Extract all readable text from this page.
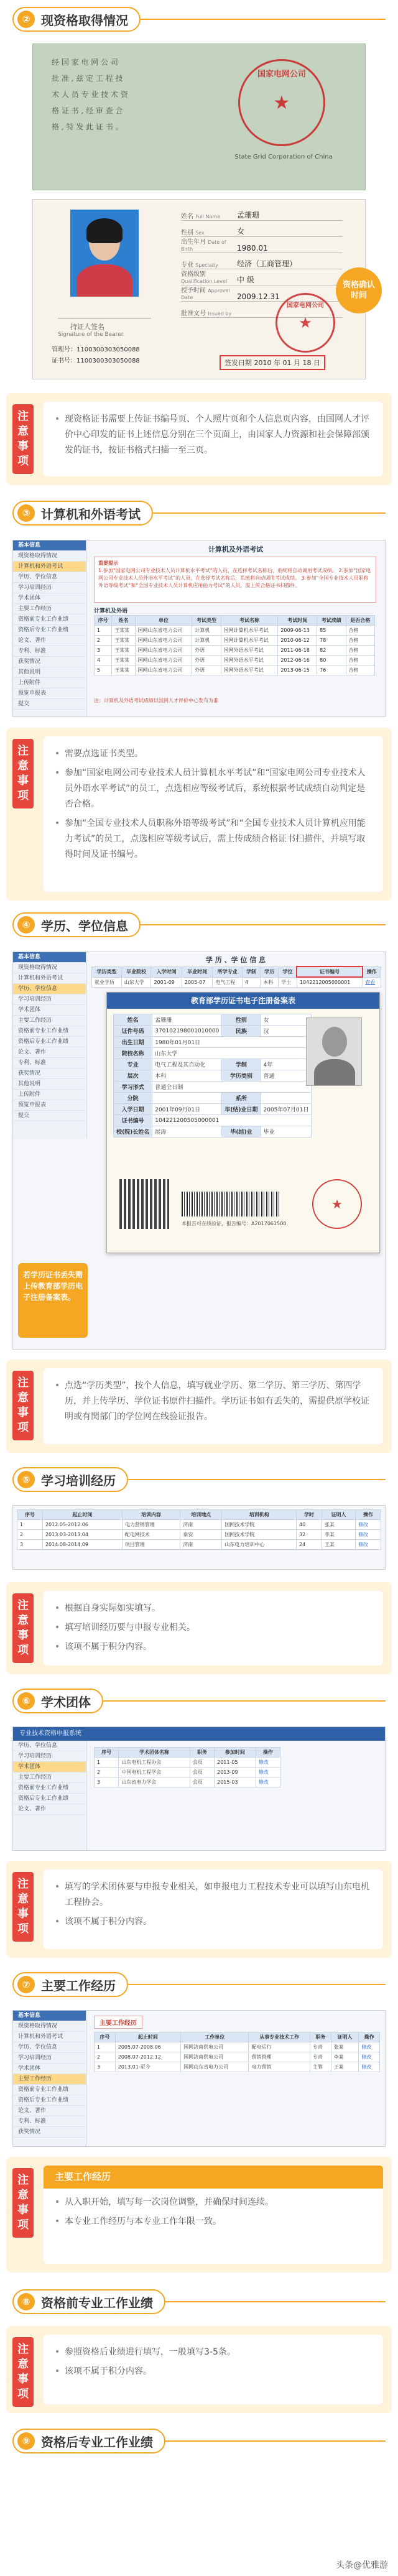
② 现资格取得情况
经 国 家 电 网 公 司
批 准 , 兹 定 工 程 技
术 人 员 专 业 技 术 资
格 证 书 , 经 审 查 合
格 , 特 发 此 证 书 。
★
国家电网公司
State Grid Corporation of China
持证人签名
Signature of the Bearer
姓名 Full Name	孟珊珊
性别 Sex	女
出生年月 Date of Birth	1980.01
专业 Specialty	经济（工商管理）
资格级别 Qualification Level	中 级
授予时间 Approval Date	2009.12.31
批准文号 Issued by
★
国家电网公司
管理号：1100300303050088
证书号：1100300303050088	签发日期 2010 年 01 月 18 日
资格确认时间
注意事项

• 现资格证书需要上传证书编号页、个人照片页和个人信息页内容，由国网人才评价中心印发的证书上述信息分别在三个页面上，由国家人力资源和社会保障部颁发的证书，按证书格式扫描一至三页。

③ 计算机和外语考试
基本信息
现资格取得情况
计算机和外语考试
学历、学位信息
学习培训经历
学术团体
主要工作经历
资格前专业工作业绩
资格后专业工作业绩
论文、著作
专利、标准
获奖情况
其他说明
上传附件
预览申报表
提交
计算机及外语考试
重要提示
1.参加“国家电网公司专业技术人员计算机水平考试”的人员，在选择考试名称后，系统将自动调用考试成绩。 2.参加“国家电网公司专业技术人员外语水平考试”的人员，在选择考试名称后，系统将自动调用考试成绩。 3.参加“全国专业技术人员职称外语等级考试”和“全国专业技术人员计算机应用能力考试”的人员，需上传合格证书扫描件。
计算机及外语
序号	姓名	单位	考试类型	考试名称	考试时间	考试成绩	是否合格
1	王某某	国网山东省电力公司	计算机	国网计算机水平考试	2009-06-13	85	合格
2	王某某	国网山东省电力公司	计算机	国网计算机水平考试	2010-06-12	78	合格
3	王某某	国网山东省电力公司	外语	国网外语水平考试	2011-06-18	82	合格
4	王某某	国网山东省电力公司	外语	国网外语水平考试	2012-06-16	80	合格
5	王某某	国网山东省电力公司	外语	国网外语水平考试	2013-06-15	76	合格
注：计算机及外语考试成绩以国网人才评价中心发布为准
注意事项

• 需要点选证书类型。

• 参加“国家电网公司专业技术人员计算机水平考试”和“国家电网公司专业技术人员外语水平考试”的员工，点选相应等级考试后，系统根据考试成绩自动判定是否合格。

• 参加“全国专业技术人员职称外语等级考试”和“全国专业技术人员计算机应用能力考试”的员工，点选相应等级考试后，需上传成绩合格证书扫描件，并填写取得时间及证书编号。

④ 学历、学位信息
基本信息
现资格取得情况
计算机和外语考试
学历、学位信息
学习培训经历
学术团体
主要工作经历
资格前专业工作业绩
资格后专业工作业绩
论文、著作
专利、标准
获奖情况
其他说明
上传附件
预览申报表
提交
学 历 、学 位 信 息
学历类型	毕业院校	入学时间	毕业时间	所学专业	学制	学历	学位	证书编号	操作
就业学历	山东大学	2001-09	2005-07	电气工程	4	本科	学士	1042212005000001	查看
教育部学历证书电子注册备案表
姓名	孟珊珊	性别	女
证件号码	370102198001010000	民族	汉
出生日期	1980年01月01日		
院校名称	山东大学		
专业	电气工程及其自动化	学制	4年
层次	本科	学历类别	普通
学习形式	普通全日制		
分院		系所	
入学日期	2001年09月01日	毕(结)业日期	2005年07月01日
证书编号	104221200505000001		
校(院)长姓名	展涛	毕(结)业	毕业
本报告可在线验证，报告编号：A2017061500
★
若学历证书丢失需上传教育部学历电子注册备案表。
注意事项

• 点选“学历类型”，按个人信息，填写就业学历、第二学历、第三学历、第四学历，并上传学历、学位证书原件扫描件。学历证书如有丢失的，需提供原学校证明或有関部门的学位网在线验证报告。

⑤ 学习培训经历
序号	起止时间	培训内容	培训地点	培训机构	学时	证明人	操作
1	2012.05-2012.06	电力营销管理	济南	国网技术学院	40	张某	修改
2	2013.03-2013.04	配电网技术	泰安	国网技术学院	32	李某	修改
3	2014.08-2014.09	项目管理	济南	山东电力培训中心	24	王某	修改
注意事项

• 根据自身实际如实填写。

• 填写培训经历要与申报专业相关。

• 该项不属于积分内容。

⑥ 学术团体
专业技术资格申报系统
学历、学位信息
学习培训经历
学术团体
主要工作经历
资格前专业工作业绩
资格后专业工作业绩
论文、著作
序号	学术团体名称	职务	参加时间	操作
1	山东电机工程协会	会员	2011-05	修改
2	中国电机工程学会	会员	2013-09	修改
3	山东省电力学会	会员	2015-03	修改
注意事项

• 填写的学术团体要与申报专业相关，如申报电力工程技术专业可以填写山东电机工程协会。

• 该项不属于积分内容。

⑦ 主要工作经历
基本信息
现资格取得情况
计算机和外语考试
学历、学位信息
学习培训经历
学术团体
主要工作经历
资格前专业工作业绩
资格后专业工作业绩
论文、著作
专利、标准
获奖情况
主要工作经历
序号	起止时间	工作单位	从事专业技术工作	职务	证明人	操作
1	2005.07-2008.06	国网济南供电公司	配电运行	专责	张某	修改
2	2008.07-2012.12	国网济南供电公司	营销管理	专责	李某	修改
3	2013.01-至今	国网山东省电力公司	电力营销	主管	王某	修改
注意事项
主要工作经历

• 从入职开始，填写每一次岗位调整，并确保时间连续。

• 本专业工作经历与本专业工作年限一致。

⑧ 资格前专业工作业绩
注意事项

• 参照资格后业绩进行填写，一般填写3-5条。

• 该项不属于积分内容。

⑨ 资格后专业工作业绩
头条@优雅游
